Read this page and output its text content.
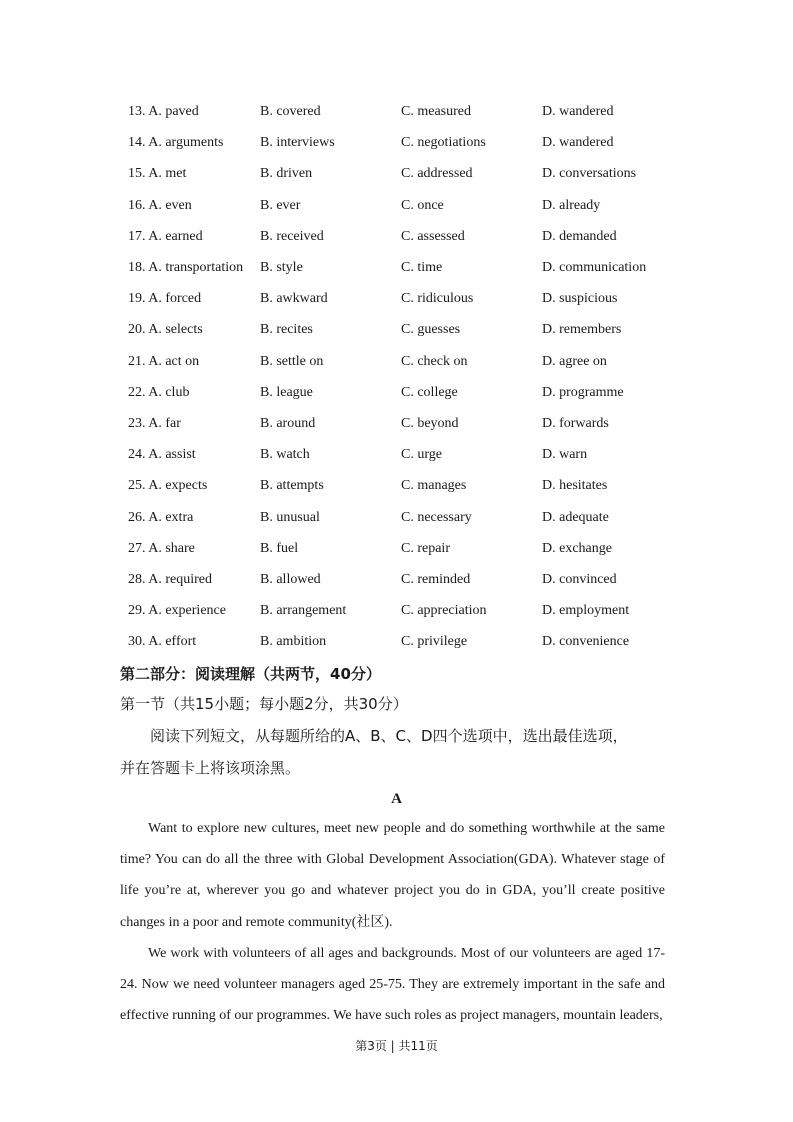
13. A. paved	B. covered	C. measured	D. wandered
14. A. arguments	B. interviews	C. negotiations	D. wandered
15. A. met	B. driven	C. addressed	D. conversations
16. A. even	B. ever	C. once	D. already
17. A. earned	B. received	C. assessed	D. demanded
18. A. transportation B. style	C. time	D. communication
19. A. forced	B. awkward	C. ridiculous	D. suspicious
20. A. selects	B. recites	C. guesses	D. remembers
21. A. act on	B. settle on	C. check on	D. agree on
22. A. club	B. league	C. college	D. programme
23. A. far	B. around	C. beyond	D. forwards
24. A. assist	B. watch	C. urge	D. warn
25. A. expects	B. attempts	C. manages	D. hesitates
26. A. extra	B. unusual	C. necessary	D. adequate
27. A. share	B. fuel	C. repair	D. exchange
28. A. required	B. allowed	C. reminded	D. convinced
29. A. experience B. arrangement	C. appreciation	D. employment
30. A. effort	B. ambition	C. privilege	D. convenience
第二部分：阅读理解（共两节，40分）
第一节（共15小题；每小题2分，共30分）
阅读下列短文，从每题所给的A、B、C、D四个选项中，选出最佳选项，
并在答题卡上将该项涂黑。
A

Want to explore new cultures, meet new people and do something worthwhile at the same time? You can do all the three with Global Development Association(GDA). Whatever stage of life you’re at, wherever you go and whatever project you do in GDA, you’ll create positive changes in a poor and remote community(社区).

We work with volunteers of all ages and backgrounds. Most of our volunteers are aged 17-24. Now we need volunteer managers aged 25-75. They are extremely important in the safe and effective running of our programmes. We have such roles as project managers, mountain leaders,

第3页 | 共11页
